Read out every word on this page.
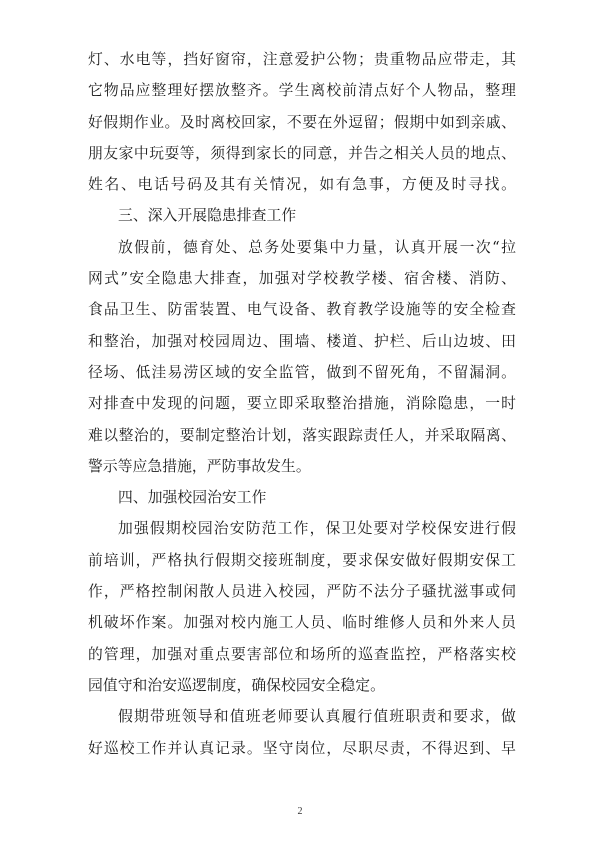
灯、水电等，挡好窗帘，注意爱护公物；贵重物品应带走，其
它物品应整理好摆放整齐。学生离校前清点好个人物品，整理
好假期作业。及时离校回家，不要在外逗留；假期中如到亲戚、
朋友家中玩耍等，须得到家长的同意，并告之相关人员的地点、
姓名、电话号码及其有关情况，如有急事，方便及时寻找。
三、深入开展隐患排查工作
放假前，德育处、总务处要集中力量，认真开展一次“拉
网式”安全隐患大排查，加强对学校教学楼、宿舍楼、消防、
食品卫生、防雷装置、电气设备、教育教学设施等的安全检查
和整治，加强对校园周边、围墙、楼道、护栏、后山边坡、田
径场、低洼易涝区域的安全监管，做到不留死角，不留漏洞。
对排查中发现的问题，要立即采取整治措施，消除隐患，一时
难以整治的，要制定整治计划，落实跟踪责任人，并采取隔离、
警示等应急措施，严防事故发生。
四、加强校园治安工作
加强假期校园治安防范工作，保卫处要对学校保安进行假
前培训，严格执行假期交接班制度，要求保安做好假期安保工
作，严格控制闲散人员进入校园，严防不法分子骚扰滋事或伺
机破坏作案。加强对校内施工人员、临时维修人员和外来人员
的管理，加强对重点要害部位和场所的巡查监控，严格落实校
园值守和治安巡逻制度，确保校园安全稳定。
假期带班领导和值班老师要认真履行值班职责和要求，做
好巡校工作并认真记录。坚守岗位，尽职尽责，不得迟到、早
2
